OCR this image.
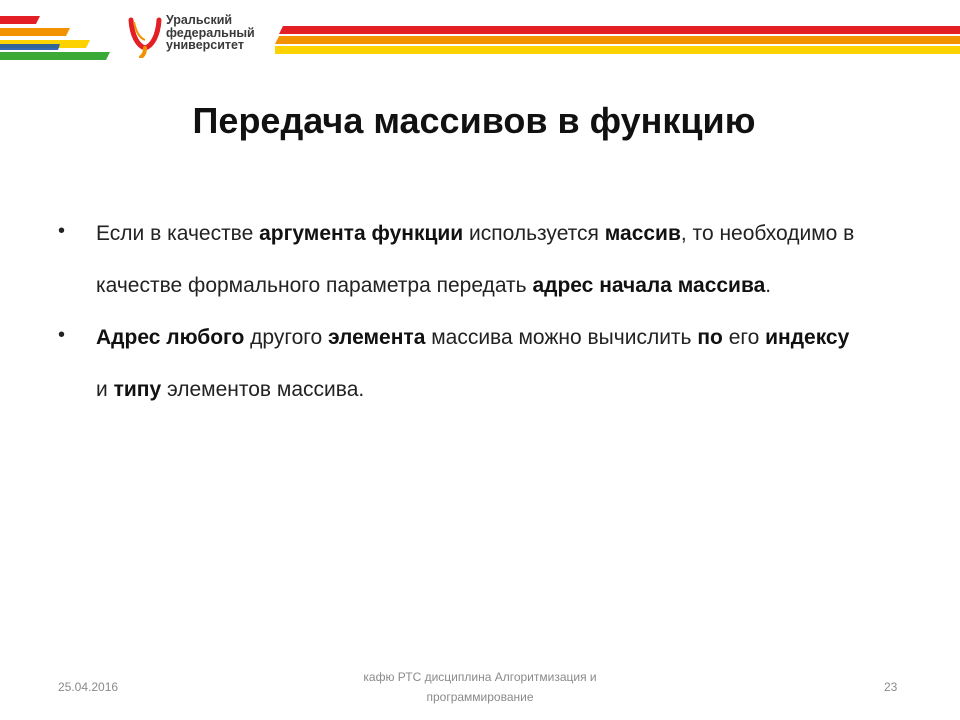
Уральский
федеральный
университет
Передача массивов в функцию
• Если в качестве аргумента функции используется массив, то необходимо в качестве формального параметра передать адрес начала массива.
• Адрес любого другого элемента массива можно вычислить по его индексу и типу элементов массива.
25.04.2016
кафю РТС дисциплина Алгоритмизация и
программирование
23
